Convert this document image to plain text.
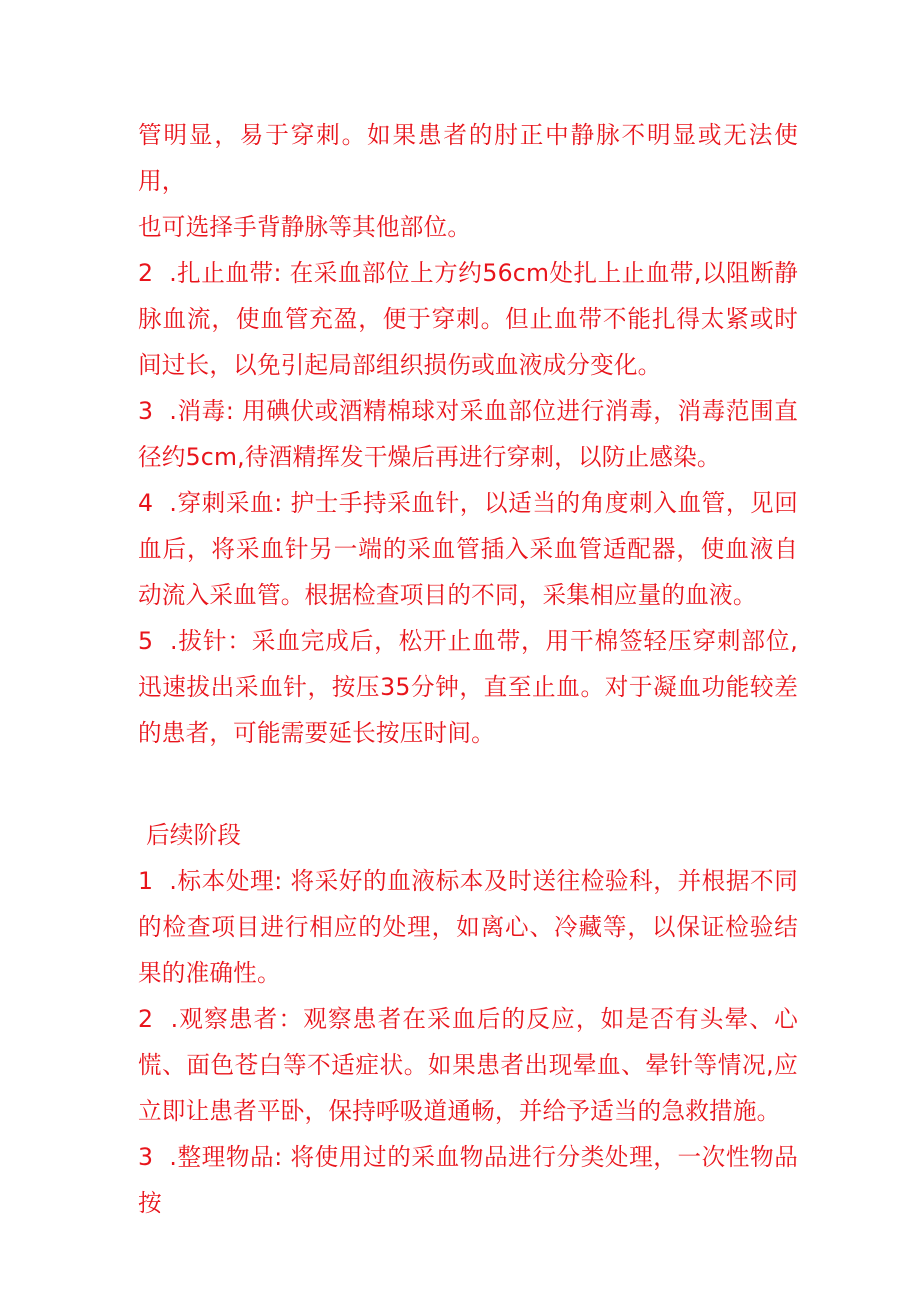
管明显，易于穿刺。如果患者的肘正中静脉不明显或无法使用，

也可选择手背静脉等其他部位。

2  .扎止血带: 在采血部位上方约56cm处扎上止血带,以阻断静脉血流，使血管充盈，便于穿刺。但止血带不能扎得太紧或时间过长，以免引起局部组织损伤或血液成分变化。

3  .消毒: 用碘伏或酒精棉球对采血部位进行消毒，消毒范围直径约5cm,待酒精挥发干燥后再进行穿刺，以防止感染。

4  .穿刺采血: 护士手持采血针，以适当的角度刺入血管，见回血后，将采血针另一端的采血管插入采血管适配器，使血液自动流入采血管。根据检查项目的不同，采集相应量的血液。

5  .拔针：采血完成后，松开止血带，用干棉签轻压穿刺部位,迅速拔出采血针，按压35分钟，直至止血。对于凝血功能较差的患者，可能需要延长按压时间。

后续阶段

1  .标本处理: 将采好的血液标本及时送往检验科，并根据不同的检查项目进行相应的处理，如离心、冷藏等，以保证检验结果的准确性。

2  .观察患者：观察患者在采血后的反应，如是否有头晕、心慌、面色苍白等不适症状。如果患者出现晕血、晕针等情况,应立即让患者平卧，保持呼吸道通畅，并给予适当的急救措施。

3  .整理物品: 将使用过的采血物品进行分类处理，一次性物品按
